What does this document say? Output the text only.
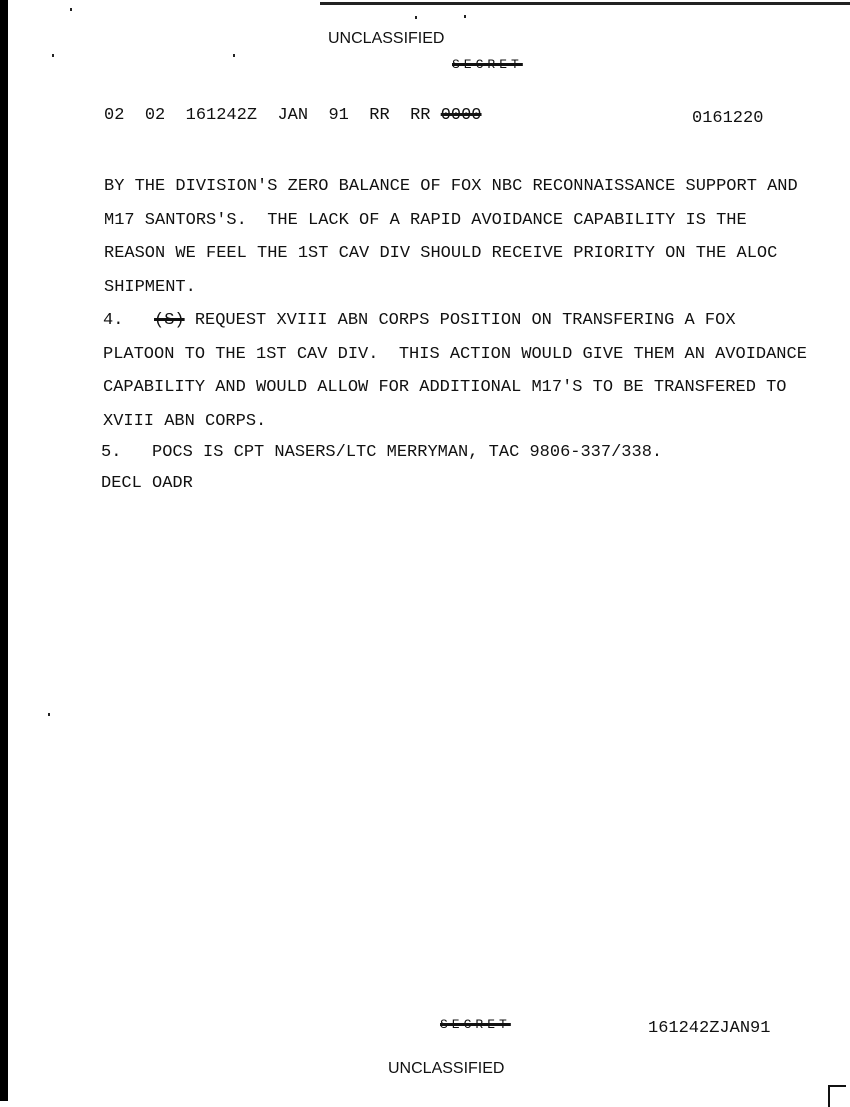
UNCLASSIFIED
SECRET
02 02 161242Z JAN 91 RR RR 0000	0161220
BY THE DIVISION'S ZERO BALANCE OF FOX NBC RECONNAISSANCE SUPPORT AND
M17 SANTORS'S.  THE LACK OF A RAPID AVOIDANCE CAPABILITY IS THE
REASON WE FEEL THE 1ST CAV DIV SHOULD RECEIVE PRIORITY ON THE ALOC
SHIPMENT.
4. (S) REQUEST XVIII ABN CORPS POSITION ON TRANSFERING A FOX
PLATOON TO THE 1ST CAV DIV.  THIS ACTION WOULD GIVE THEM AN AVOIDANCE
CAPABILITY AND WOULD ALLOW FOR ADDITIONAL M17'S TO BE TRANSFERED TO
XVIII ABN CORPS.
5.   POCS IS CPT NASERS/LTC MERRYMAN, TAC 9806-337/338.
DECL OADR
SECRET	161242ZJAN91
UNCLASSIFIED
